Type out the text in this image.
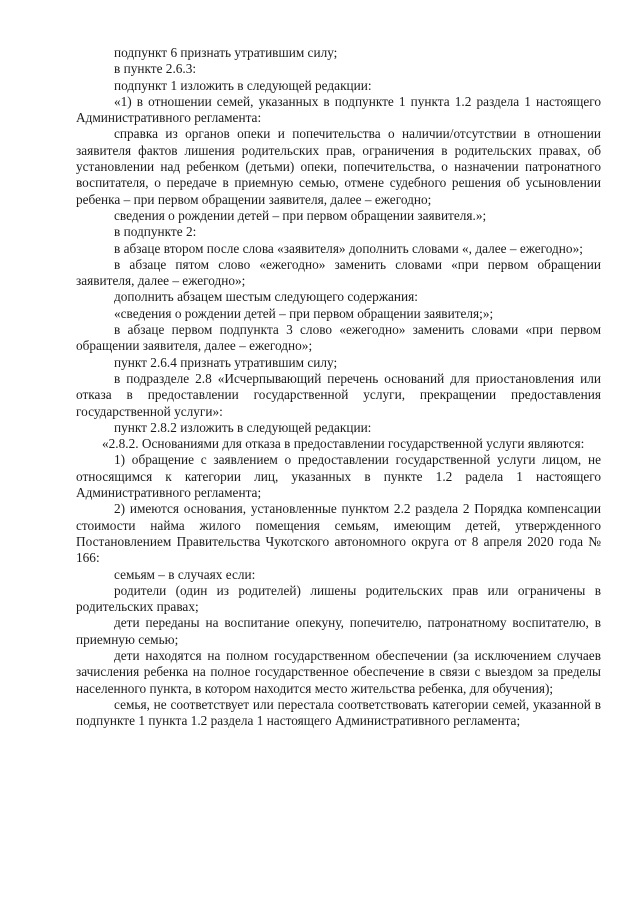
подпункт 6 признать утратившим силу;

в пункте 2.6.3:

подпункт 1 изложить в следующей редакции:

«1) в отношении семей, указанных в подпункте 1 пункта 1.2 раздела 1 настоящего Административного регламента:

справка из органов опеки и попечительства о наличии/отсутствии в отношении заявителя фактов лишения родительских прав, ограничения в родительских правах, об установлении над ребенком (детьми) опеки, попечительства, о назначении патронатного воспитателя, о передаче в приемную семью, отмене судебного решения об усыновлении ребенка – при первом обращении заявителя, далее – ежегодно;

сведения о рождении детей – при первом обращении заявителя.»;

в подпункте 2:

в абзаце втором после слова «заявителя» дополнить словами «, далее – ежегодно»;

в абзаце пятом слово «ежегодно» заменить словами «при первом обращении заявителя, далее – ежегодно»;

дополнить абзацем шестым следующего содержания:

«сведения о рождении детей – при первом обращении заявителя;»;

в абзаце первом подпункта 3 слово «ежегодно» заменить словами «при первом обращении заявителя, далее – ежегодно»;

пункт 2.6.4 признать утратившим силу;

в подразделе 2.8 «Исчерпывающий перечень оснований для приостановления или отказа в предоставлении государственной услуги, прекращении предоставления государственной услуги»:

пункт 2.8.2 изложить в следующей редакции:

«2.8.2. Основаниями для отказа в предоставлении государственной услуги являются:

1) обращение с заявлением о предоставлении государственной услуги лицом, не относящимся к категории лиц, указанных в пункте 1.2 радела 1 настоящего Административного регламента;

2) имеются основания, установленные пунктом 2.2 раздела 2 Порядка компенсации стоимости найма жилого помещения семьям, имеющим детей, утвержденного Постановлением Правительства Чукотского автономного округа от 8 апреля 2020 года № 166:

семьям – в случаях если:

родители (один из родителей) лишены родительских прав или ограничены в родительских правах;

дети переданы на воспитание опекуну, попечителю, патронатному воспитателю, в приемную семью;

дети находятся на полном государственном обеспечении (за исключением случаев зачисления ребенка на полное государственное обеспечение в связи с выездом за пределы населенного пункта, в котором находится место жительства ребенка, для обучения);

семья, не соответствует или перестала соответствовать категории семей, указанной в подпункте 1 пункта 1.2 раздела 1 настоящего Административного регламента;
